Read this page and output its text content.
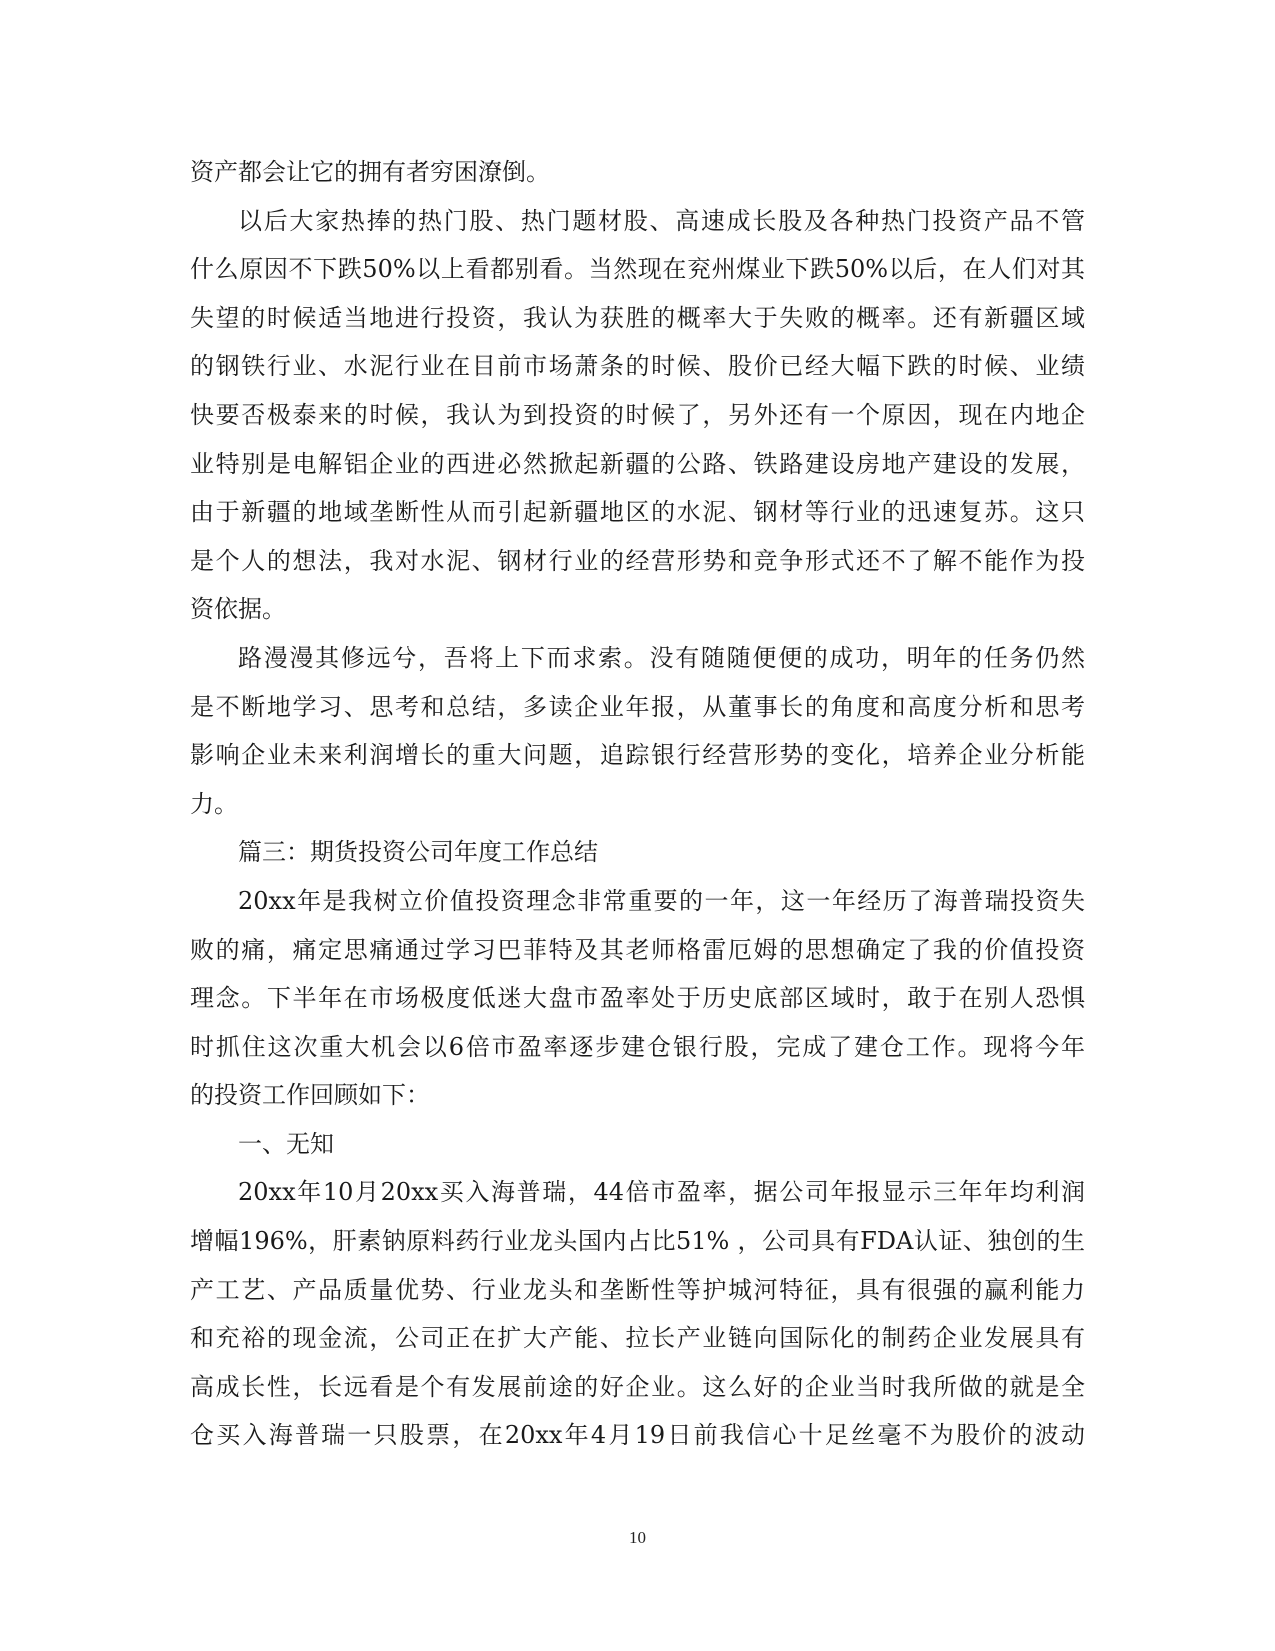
资产都会让它的拥有者穷困潦倒。
以后大家热捧的热门股、热门题材股、高速成长股及各种热门投资产品不管
什么原因不下跌50%以上看都别看。当然现在兖州煤业下跌50%以后，在人们对其
失望的时候适当地进行投资，我认为获胜的概率大于失败的概率。还有新疆区域
的钢铁行业、水泥行业在目前市场萧条的时候、股价已经大幅下跌的时候、业绩
快要否极泰来的时候，我认为到投资的时候了，另外还有一个原因，现在内地企
业特别是电解铝企业的西进必然掀起新疆的公路、铁路建设房地产建设的发展，
由于新疆的地域垄断性从而引起新疆地区的水泥、钢材等行业的迅速复苏。这只
是个人的想法，我对水泥、钢材行业的经营形势和竞争形式还不了解不能作为投
资依据。
路漫漫其修远兮，吾将上下而求索。没有随随便便的成功，明年的任务仍然
是不断地学习、思考和总结，多读企业年报，从董事长的角度和高度分析和思考
影响企业未来利润增长的重大问题，追踪银行经营形势的变化，培养企业分析能
力。
篇三：期货投资公司年度工作总结
20xx年是我树立价值投资理念非常重要的一年，这一年经历了海普瑞投资失
败的痛，痛定思痛通过学习巴菲特及其老师格雷厄姆的思想确定了我的价值投资
理念。下半年在市场极度低迷大盘市盈率处于历史底部区域时，敢于在别人恐惧
时抓住这次重大机会以6倍市盈率逐步建仓银行股，完成了建仓工作。现将今年
的投资工作回顾如下：
一、无知
20xx年10月20xx买入海普瑞，44倍市盈率，据公司年报显示三年年均利润
增幅196%，肝素钠原料药行业龙头国内占比51% ，公司具有FDA认证、独创的生
产工艺、产品质量优势、行业龙头和垄断性等护城河特征，具有很强的赢利能力
和充裕的现金流，公司正在扩大产能、拉长产业链向国际化的制药企业发展具有
高成长性，长远看是个有发展前途的好企业。这么好的企业当时我所做的就是全
仓买入海普瑞一只股票，在20xx年4月19日前我信心十足丝毫不为股价的波动
10
